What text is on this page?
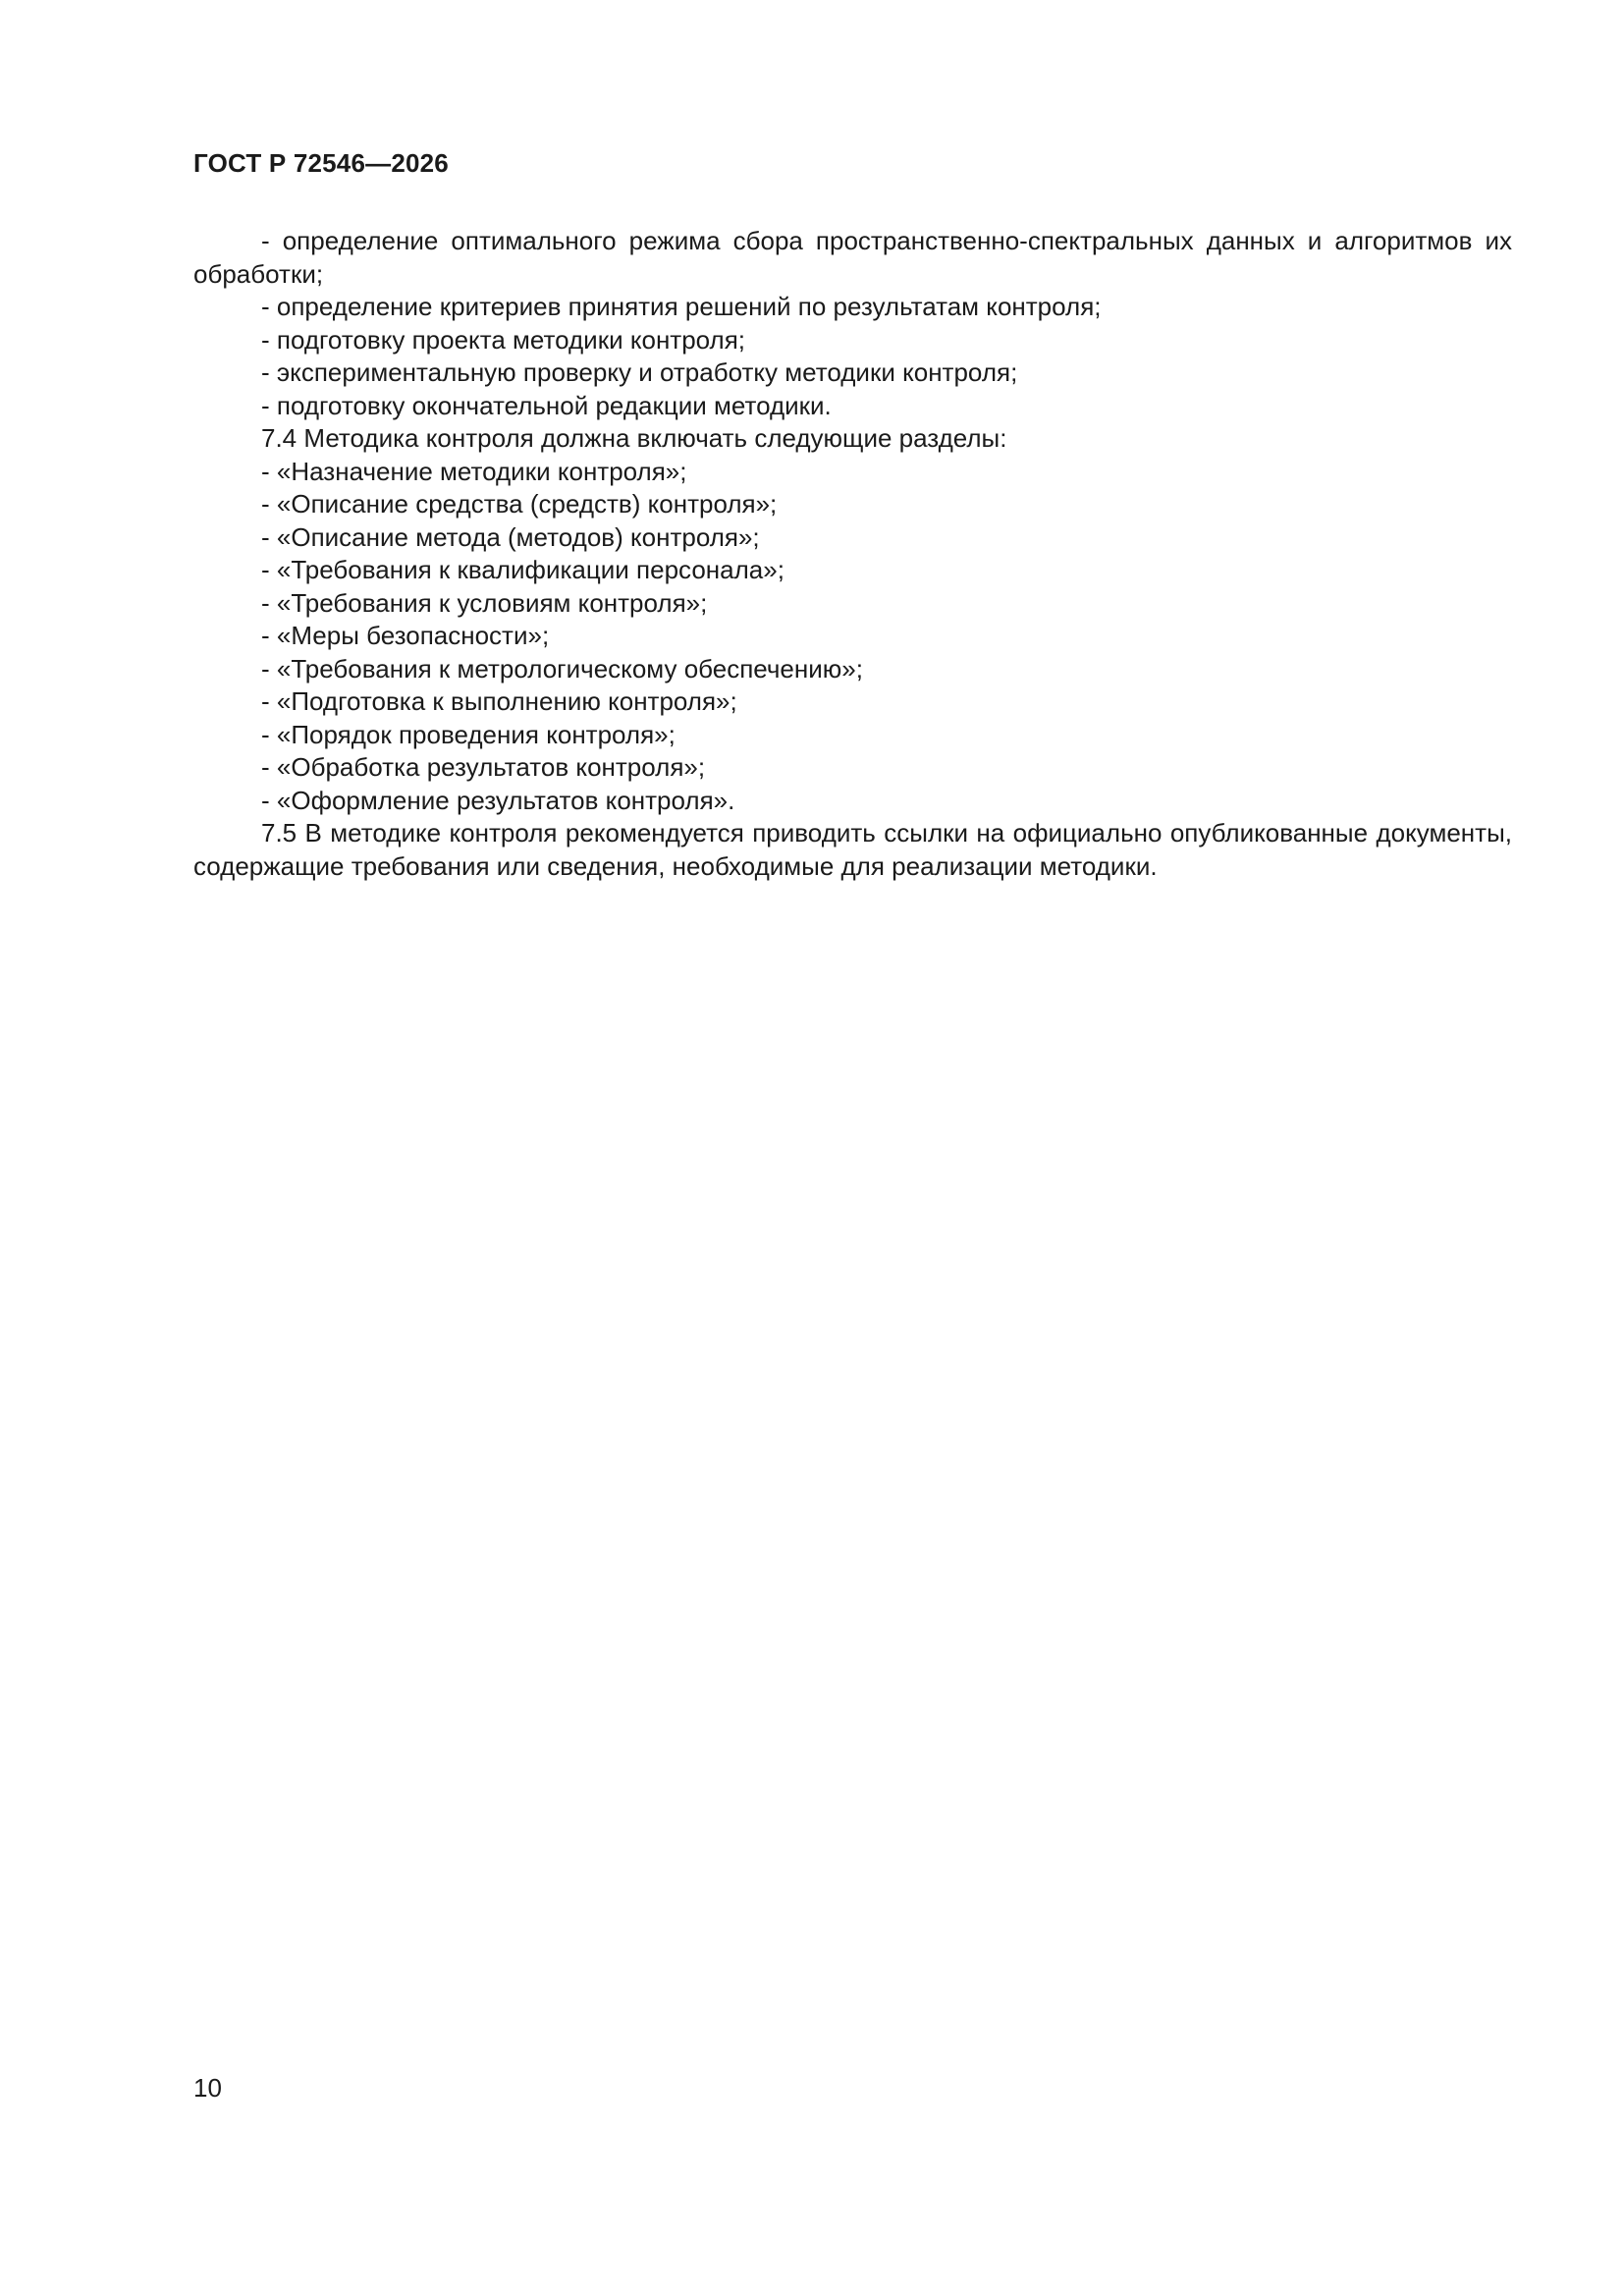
ГОСТ Р 72546—2026
- определение оптимального режима сбора пространственно-спектральных данных и алгоритмов их обработки;
- определение критериев принятия решений по результатам контроля;
- подготовку проекта методики контроля;
- экспериментальную проверку и отработку методики контроля;
- подготовку окончательной редакции методики.
7.4 Методика контроля должна включать следующие разделы:
- «Назначение методики контроля»;
- «Описание средства (средств) контроля»;
- «Описание метода (методов) контроля»;
- «Требования к квалификации персонала»;
- «Требования к условиям контроля»;
- «Меры безопасности»;
- «Требования к метрологическому обеспечению»;
- «Подготовка к выполнению контроля»;
- «Порядок проведения контроля»;
- «Обработка результатов контроля»;
- «Оформление результатов контроля».
7.5 В методике контроля рекомендуется приводить ссылки на официально опубликованные документы, содержащие требования или сведения, необходимые для реализации методики.
10
